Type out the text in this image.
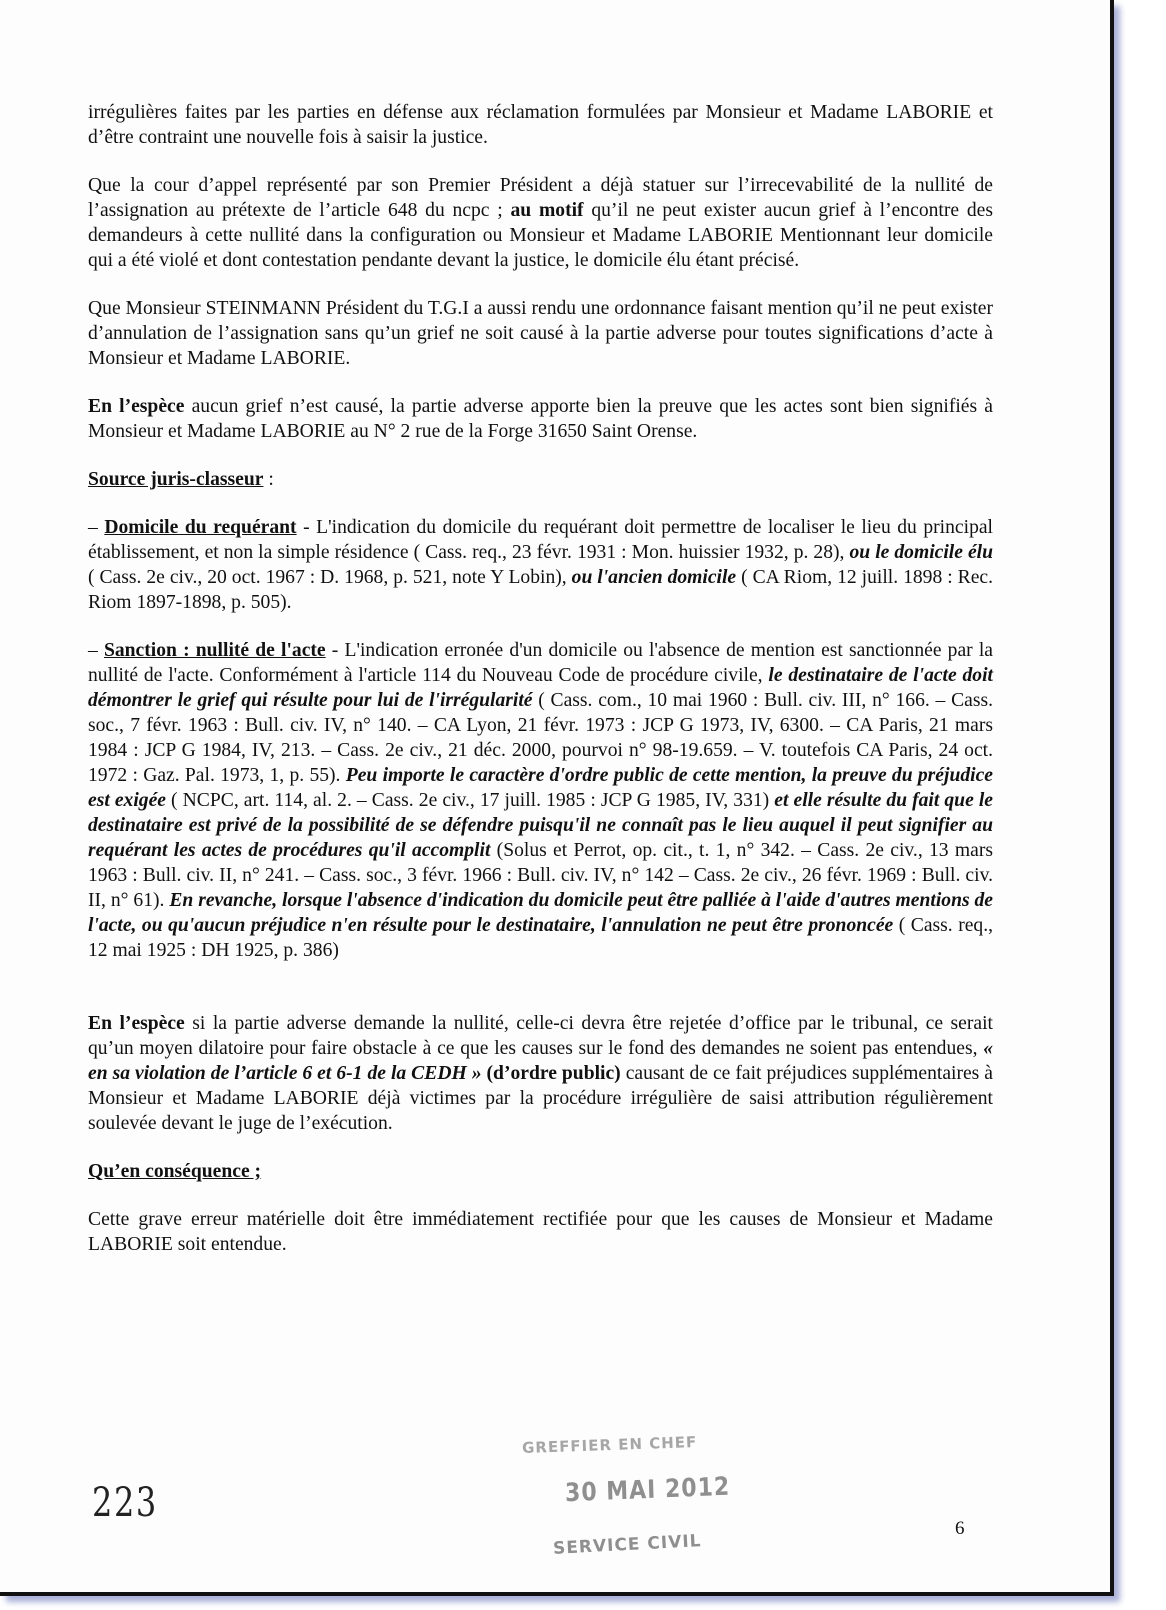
irrégulières faites par les parties en défense aux réclamation formulées par Monsieur et Madame LABORIE et d’être contraint une nouvelle fois à saisir la justice.

Que la cour d’appel représenté par son Premier Président a déjà statuer sur l’irrecevabilité de la nullité de l’assignation au prétexte de l’article 648 du ncpc ; au motif qu’il ne peut exister aucun grief à l’encontre des demandeurs à cette nullité dans la configuration ou Monsieur et Madame LABORIE Mentionnant leur domicile qui a été violé et dont contestation pendante devant la justice, le domicile élu étant précisé.

Que Monsieur STEINMANN Président du T.G.I a aussi rendu une ordonnance faisant mention qu’il ne peut exister d’annulation de l’assignation sans qu’un grief ne soit causé à la partie adverse pour toutes significations d’acte à Monsieur et Madame LABORIE.

En l’espèce aucun grief n’est causé, la partie adverse apporte bien la preuve que les actes sont bien signifiés à Monsieur et Madame LABORIE au N° 2 rue de la Forge 31650 Saint Orense.

Source juris-classeur :

– Domicile du requérant - L'indication du domicile du requérant doit permettre de localiser le lieu du principal établissement, et non la simple résidence ( Cass. req., 23 févr. 1931 : Mon. huissier 1932, p. 28), ou le domicile élu ( Cass. 2e civ., 20 oct. 1967 : D. 1968, p. 521, note Y Lobin), ou l'ancien domicile ( CA Riom, 12 juill. 1898 : Rec. Riom 1897-1898, p. 505).

– Sanction : nullité de l'acte - L'indication erronée d'un domicile ou l'absence de mention est sanctionnée par la nullité de l'acte. Conformément à l'article 114 du Nouveau Code de procédure civile, le destinataire de l'acte doit démontrer le grief qui résulte pour lui de l'irrégularité ( Cass. com., 10 mai 1960 : Bull. civ. III, n° 166. – Cass. soc., 7 févr. 1963 : Bull. civ. IV, n° 140. – CA Lyon, 21 févr. 1973 : JCP G 1973, IV, 6300. – CA Paris, 21 mars 1984 : JCP G 1984, IV, 213. – Cass. 2e civ., 21 déc. 2000, pourvoi n° 98-19.659. – V. toutefois CA Paris, 24 oct. 1972 : Gaz. Pal. 1973, 1, p. 55). Peu importe le caractère d'ordre public de cette mention, la preuve du préjudice est exigée ( NCPC, art. 114, al. 2. – Cass. 2e civ., 17 juill. 1985 : JCP G 1985, IV, 331) et elle résulte du fait que le destinataire est privé de la possibilité de se défendre puisqu'il ne connaît pas le lieu auquel il peut signifier au requérant les actes de procédures qu'il accomplit (Solus et Perrot, op. cit., t. 1, n° 342. – Cass. 2e civ., 13 mars 1963 : Bull. civ. II, n° 241. – Cass. soc., 3 févr. 1966 : Bull. civ. IV, n° 142 – Cass. 2e civ., 26 févr. 1969 : Bull. civ. II, n° 61). En revanche, lorsque l'absence d'indication du domicile peut être palliée à l'aide d'autres mentions de l'acte, ou qu'aucun préjudice n'en résulte pour le destinataire, l'annulation ne peut être prononcée ( Cass. req., 12 mai 1925 : DH 1925, p. 386)

En l’espèce si la partie adverse demande la nullité, celle-ci devra être rejetée d’office par le tribunal, ce serait qu’un moyen dilatoire pour faire obstacle à ce que les causes sur le fond des demandes ne soient pas entendues, « en sa violation de l’article 6 et 6-1 de la CEDH » (d’ordre public) causant de ce fait préjudices supplémentaires à Monsieur et Madame LABORIE déjà victimes par la procédure irrégulière de saisi attribution régulièrement soulevée devant le juge de l’exécution.

Qu’en conséquence ;

Cette grave erreur matérielle doit être immédiatement rectifiée pour que les causes de Monsieur et Madame LABORIE soit entendue.

GREFFIER EN CHEF
30 MAI 2012
SERVICE CIVIL
223
6
